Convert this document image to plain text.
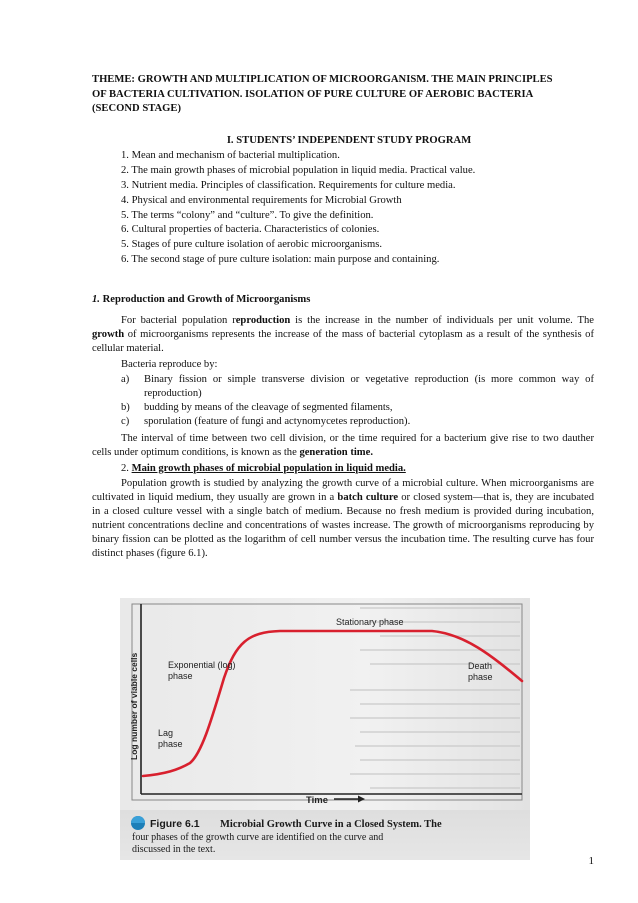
THEME: GROWTH AND MULTIPLICATION OF MICROORGANISM. THE MAIN PRINCIPLES OF BACTERIA CULTIVATION. ISOLATION OF PURE CULTURE OF AEROBIC BACTERIA (SECOND STAGE)
I. STUDENTS’ INDEPENDENT STUDY PROGRAM
1. Mean and mechanism of bacterial multiplication.
2. The main growth phases of microbial population in liquid media. Practical value.
3. Nutrient media. Principles of classification. Requirements for culture media.
4. Physical and environmental requirements for Microbial Growth
5. The terms “colony” and “culture”. To give the definition.
6. Cultural properties of bacteria. Characteristics of colonies.
5. Stages of pure culture isolation of aerobic microorganisms.
6. The second stage of pure culture isolation: main purpose and containing.
1. Reproduction and Growth of Microorganisms
For bacterial population reproduction is the increase in the number of individuals per unit volume. The growth of microorganisms represents the increase of the mass of bacterial cytoplasm as a result of the synthesis of cellular material.
Bacteria reproduce by:
a) Binary fission or simple transverse division or vegetative reproduction (is more common way of reproduction)
b) budding by means of the cleavage of segmented filaments,
c) sporulation (feature of fungi and actynomycetes reproduction).
The interval of time between two cell division, or the time required for a bacterium give rise to two dauther cells under optimum conditions, is known as the generation time.
2. Main growth phases of microbial population in liquid media.
Population growth is studied by analyzing the growth curve of a microbial culture. When microorganisms are cultivated in liquid medium, they usually are grown in a batch culture or closed system—that is, they are incubated in a closed culture vessel with a single batch of medium. Because no fresh medium is provided during incubation, nutrient concentrations decline and concentrations of wastes increase. The growth of microorganisms reproducing by binary fission can be plotted as the logarithm of cell number versus the incubation time. The resulting curve has four distinct phases (figure 6.1).
Log number of viable cells
Time
Stationary phase
Exponential (log)
phase
Lag
phase
Death
phase
Figure 6.1 Microbial Growth Curve in a Closed System. The
four phases of the growth curve are identified on the curve and
discussed in the text.
1
